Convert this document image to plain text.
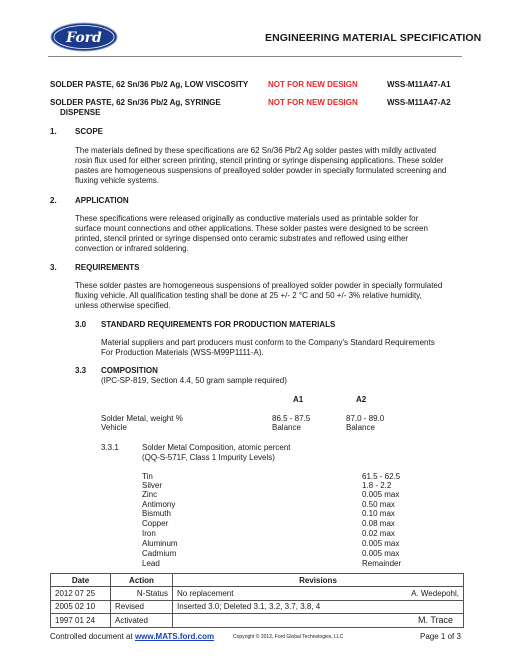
Ford	ENGINEERING MATERIAL SPECIFICATION
SOLDER PASTE, 62 Sn/36 Pb/2 Ag, LOW VISCOSITY NOT FOR NEW DESIGN	WSS-M11A47-A1
SOLDER PASTE, 62 Sn/36 Pb/2 Ag, SYRINGE
DISPENSE
NOT FOR NEW DESIGN	WSS-M11A47-A2
1. SCOPE
The materials defined by these specifications are 62 Sn/36 Pb/2 Ag solder pastes with mildly activated
rosin flux used for either screen printing, stencil printing or syringe dispensing applications. These solder
pastes are homogeneous suspensions of prealloyed solder powder in specially formulated screening and
fluxing vehicle systems.
2. APPLICATION
These specifications were released originally as conductive materials used as printable solder for
surface mount connections and other applications. These solder pastes were designed to be screen
printed, stencil printed or syringe dispensed onto ceramic substrates and reflowed using either
convection or infrared soldering.
3. REQUIREMENTS
These solder pastes are homogeneous suspensions of prealloyed solder powder in specially formulated
fluxing vehicle. All qualification testing shall be done at 25 +/- 2 °C and 50 +/- 3% relative humidity,
unless otherwise specified.
3.0 STANDARD REQUIREMENTS FOR PRODUCTION MATERIALS
Material suppliers and part producers must conform to the Company's Standard Requirements
For Production Materials (WSS-M99P1111-A).
3.3 COMPOSITION
(IPC-SP-819, Section 4.4, 50 gram sample required)
A1	A2
Solder Metal, weight %	86.5 - 87.5	87.0 - 89.0
Vehicle	Balance	Balance
3.3.1	Solder Metal Composition, atomic percent
(QQ-S-571F, Class 1 Impurity Levels)
Tin	61.5 - 62.5
Silver	1.8 - 2.2
Zinc	0.005 max
Antimony	0.50 max
Bismuth	0.10 max
Copper	0.08 max
Iron	0.02 max
Aluminum	0.005 max
Cadmium	0.005 max
Lead	Remainder
Date	Action	Revisions
2012 07 25	N-Status	No replacement A. Wedepohl,

2005 02 10	Revised	Inserted 3.0; Deleted 3.1, 3.2, 3.7, 3.8, 4
1997 01 24	Activated	M. Trace
Controlled document at www.MATS.ford.com	Copyright © 2012, Ford Global Technologies, LLC	Page 1 of 3
